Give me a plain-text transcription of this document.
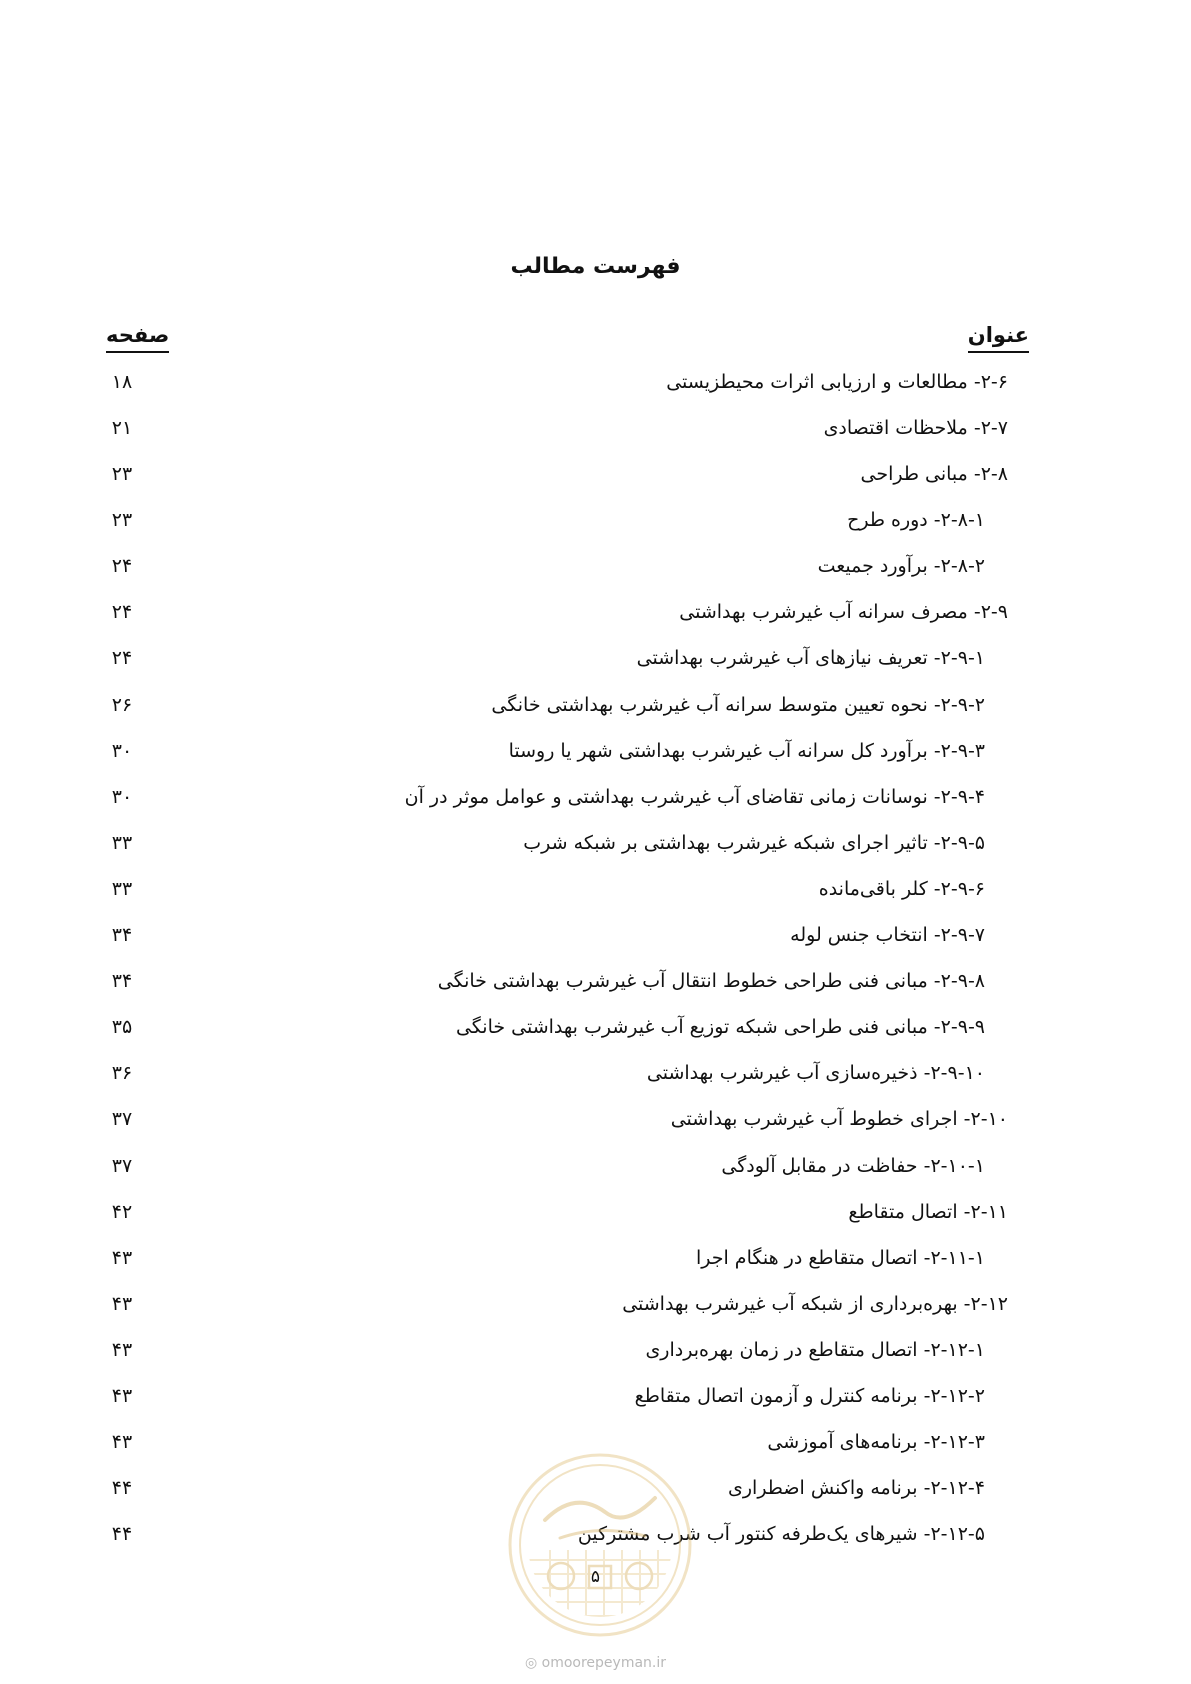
فهرست مطالب
عنوان
صفحه
۲-۶- مطالعات و ارزیابی اثرات محیطزیستی
۱۸
۲-۷- ملاحظات اقتصادی
۲۱
۲-۸- مبانی طراحی
۲۳
۲-۸-۱- دوره طرح
۲۳
۲-۸-۲- برآورد جمیعت
۲۴
۲-۹- مصرف سرانه آب غیرشرب بهداشتی
۲۴
۲-۹-۱- تعریف نیازهای آب غیرشرب بهداشتی
۲۴
۲-۹-۲- نحوه تعیین متوسط سرانه آب غیرشرب بهداشتی خانگی
۲۶
۲-۹-۳- برآورد کل سرانه آب غیرشرب بهداشتی شهر یا روستا
۳۰
۲-۹-۴- نوسانات زمانی تقاضای آب غیرشرب بهداشتی و عوامل موثر در آن
۳۰
۲-۹-۵- تاثیر اجرای شبکه غیرشرب بهداشتی بر شبکه شرب
۳۳
۲-۹-۶- کلر باقی‌مانده
۳۳
۲-۹-۷- انتخاب جنس لوله
۳۴
۲-۹-۸- مبانی فنی طراحی خطوط انتقال آب غیرشرب بهداشتی خانگی
۳۴
۲-۹-۹- مبانی فنی طراحی شبکه توزیع آب غیرشرب بهداشتی خانگی
۳۵
۲-۹-۱۰- ذخیره‌سازی آب غیرشرب بهداشتی
۳۶
۲-۱۰- اجرای خطوط آب غیرشرب بهداشتی
۳۷
۲-۱۰-۱- حفاظت در مقابل آلودگی
۳۷
۲-۱۱- اتصال متقاطع
۴۲
۲-۱۱-۱- اتصال متقاطع در هنگام اجرا
۴۳
۲-۱۲- بهره‌برداری از شبکه آب غیرشرب بهداشتی
۴۳
۲-۱۲-۱- اتصال متقاطع در زمان بهره‌برداری
۴۳
۲-۱۲-۲- برنامه کنترل و آزمون اتصال متقاطع
۴۳
۲-۱۲-۳- برنامه‌های آموزشی
۴۳
۲-۱۲-۴- برنامه واکنش اضطراری
۴۴
۲-۱۲-۵- شیرهای یک‌طرفه کنتور آب شرب مشترکین
۴۴
۵
◎ omoorepeyman.ir
